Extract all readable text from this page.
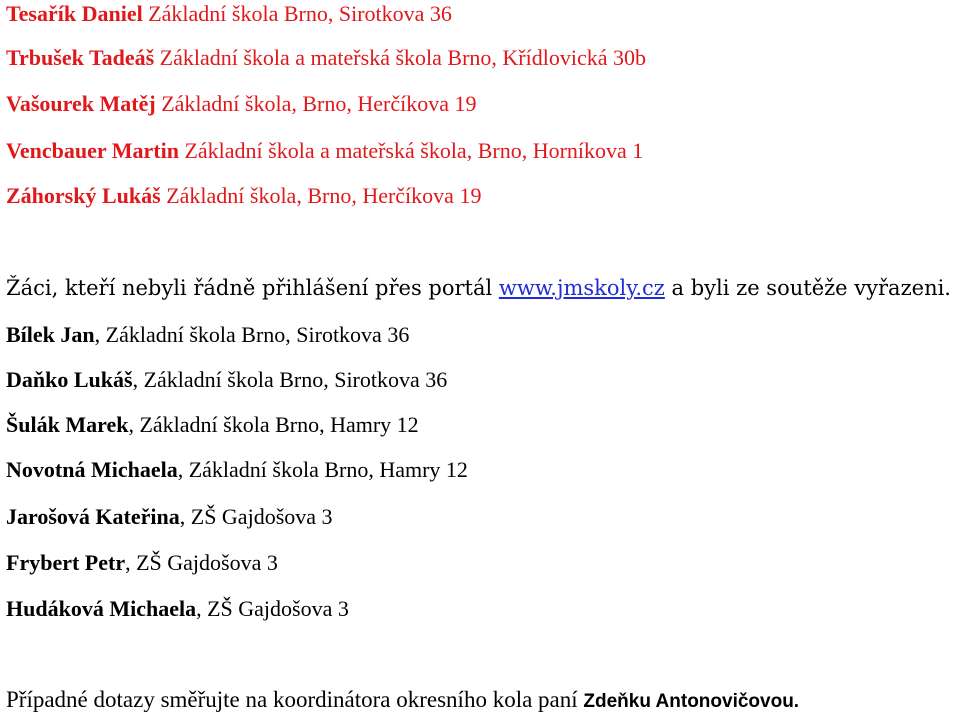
Tesařík Daniel Základní škola Brno, Sirotkova 36
Trbušek Tadeáš Základní škola a mateřská škola Brno, Křídlovická 30b
Vašourek Matěj Základní škola, Brno, Herčíkova 19
Vencbauer Martin Základní škola a mateřská škola, Brno, Horníkova 1
Záhorský Lukáš Základní škola, Brno, Herčíkova 19
Žáci, kteří nebyli řádně přihlášení přes portál www.jmskoly.cz a byli ze soutěže vyřazeni.
Bílek Jan, Základní škola Brno, Sirotkova 36
Daňko Lukáš, Základní škola Brno, Sirotkova 36
Šulák Marek, Základní škola Brno, Hamry 12
Novotná Michaela, Základní škola Brno, Hamry 12
Jarošová Kateřina, ZŠ Gajdošova 3
Frybert Petr, ZŠ Gajdošova 3
Hudáková Michaela, ZŠ Gajdošova 3
Případné dotazy směřujte na koordinátora okresního kola paní Zdeňku Antonovičovou.
